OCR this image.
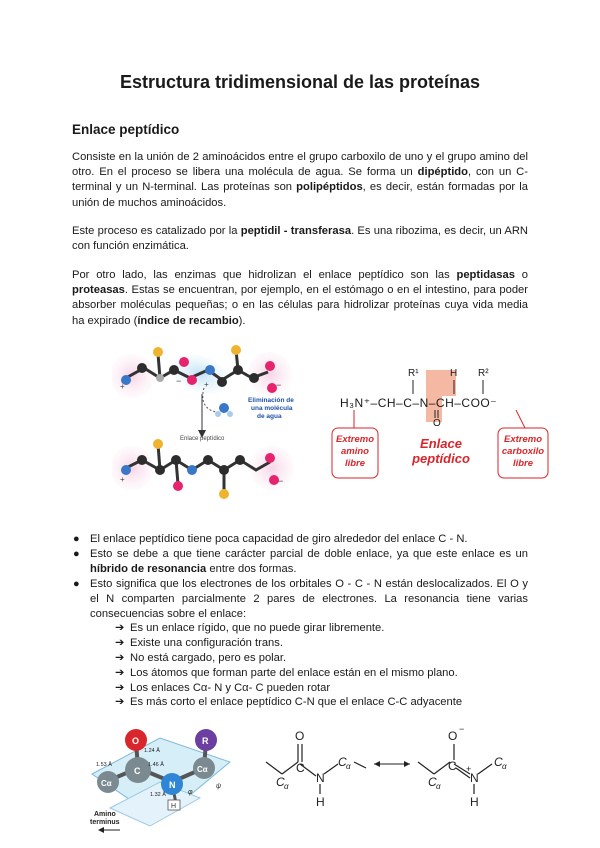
Estructura tridimensional de las proteínas
Enlace peptídico
Consiste en la unión de 2 aminoácidos entre el grupo carboxilo de uno y el grupo amino del otro. En el proceso se libera una molécula de agua. Se forma un dipéptido, con un C-terminal y un N-terminal. Las proteínas son polipéptidos, es decir, están formadas por la unión de muchos aminoácidos.
Este proceso es catalizado por la peptidil - transferasa. Es una ribozima, es decir, un ARN con función enzimática.
Por otro lado, las enzimas que hidrolizan el enlace peptídico son las peptidasas o proteasas. Estas se encuentran, por ejemplo, en el estómago o en el intestino, para poder absorber moléculas pequeñas; o en las células para hidrolizar proteínas cuya vida media ha expirado (índice de recambio).
+
−	+	−
Eliminación de
una molécula
de agua
Enlace peptídico
+	−
R¹	H R²
H₃N⁺–CH–C–N–CH–COO⁻
O
Extremo amino libre
Enlace peptídico
Extremo carboxilo libre
● El enlace peptídico tiene poca capacidad de giro alrededor del enlace C - N.
● Esto se debe a que tiene carácter parcial de doble enlace, ya que este enlace es un híbrido de resonancia entre dos formas.
● Esto significa que los electrones de los orbitales O - C - N están deslocalizados. El O y el N comparten parcialmente 2 pares de electrones. La resonancia tiene varias consecuencias sobre el enlace:
➔ Es un enlace rígido, que no puede girar libremente.
➔ Existe una configuración trans.
➔ No está cargado, pero es polar.
➔ Los átomos que forman parte del enlace están en el mismo plano.
➔ Los enlaces Cα- N y Cα- C pueden rotar
➔ Es más corto el enlace peptídico C-N que el enlace C-C adyacente
O	R
Cα
C
N
Cα
H
1.24 Å
1.46 Å
1.53 Å
1.32 Å	φ
ψ
Amino
terminus
O
C
N
H
C α
C α
O −
C
N
+
H
C α
C α
